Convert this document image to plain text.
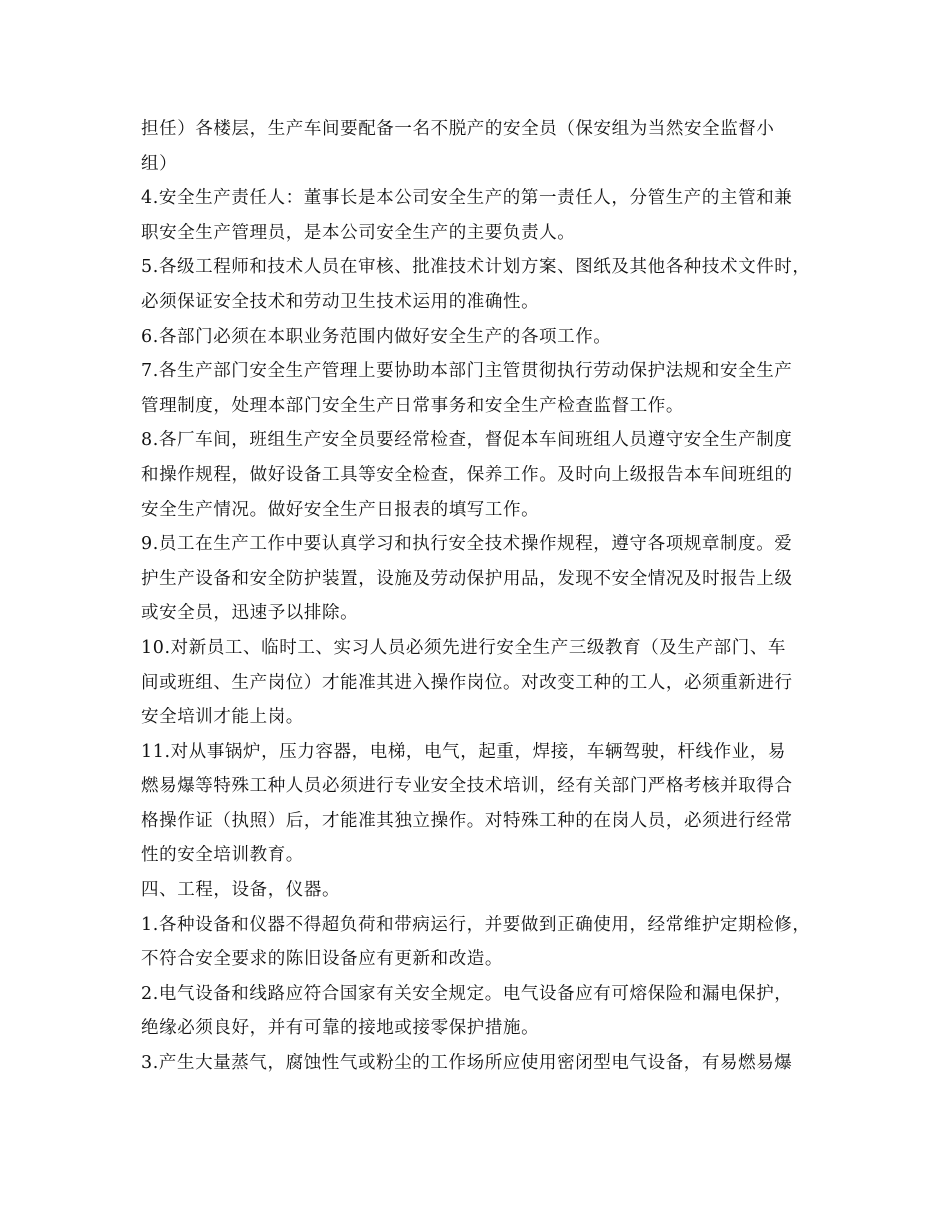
担任）各楼层，生产车间要配备一名不脱产的安全员（保安组为当然安全监督小
组）
4.安全生产责任人：董事长是本公司安全生产的第一责任人，分管生产的主管和兼
职安全生产管理员，是本公司安全生产的主要负责人。
5.各级工程师和技术人员在审核、批准技术计划方案、图纸及其他各种技术文件时，
必须保证安全技术和劳动卫生技术运用的准确性。
6.各部门必须在本职业务范围内做好安全生产的各项工作。
7.各生产部门安全生产管理上要协助本部门主管贯彻执行劳动保护法规和安全生产
管理制度，处理本部门安全生产日常事务和安全生产检查监督工作。
8.各厂车间，班组生产安全员要经常检查，督促本车间班组人员遵守安全生产制度
和操作规程，做好设备工具等安全检查，保养工作。及时向上级报告本车间班组的
安全生产情况。做好安全生产日报表的填写工作。
9.员工在生产工作中要认真学习和执行安全技术操作规程，遵守各项规章制度。爱
护生产设备和安全防护装置，设施及劳动保护用品，发现不安全情况及时报告上级
或安全员，迅速予以排除。
10.对新员工、临时工、实习人员必须先进行安全生产三级教育（及生产部门、车
间或班组、生产岗位）才能准其进入操作岗位。对改变工种的工人，必须重新进行
安全培训才能上岗。
11.对从事锅炉，压力容器，电梯，电气，起重，焊接，车辆驾驶，杆线作业，易
燃易爆等特殊工种人员必须进行专业安全技术培训，经有关部门严格考核并取得合
格操作证（执照）后，才能准其独立操作。对特殊工种的在岗人员，必须进行经常
性的安全培训教育。
四、工程，设备，仪器。
1.各种设备和仪器不得超负荷和带病运行，并要做到正确使用，经常维护定期检修，
不符合安全要求的陈旧设备应有更新和改造。
2.电气设备和线路应符合国家有关安全规定。电气设备应有可熔保险和漏电保护，
绝缘必须良好，并有可靠的接地或接零保护措施。
3.产生大量蒸气，腐蚀性气或粉尘的工作场所应使用密闭型电气设备，有易燃易爆
